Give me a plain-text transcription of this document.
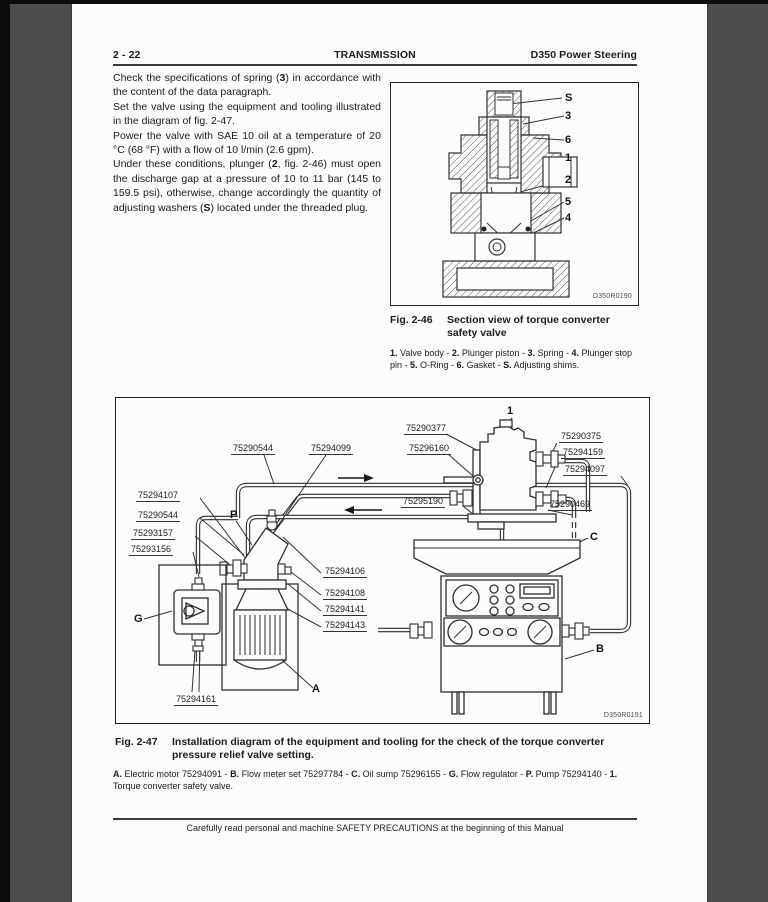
2 - 22	TRANSMISSION	D350 Power Steering

Check the specifications of spring (3) in accordance with the content of the data paragraph.

Set the valve using the equipment and tooling illustrated in the diagram of fig. 2-47.

Power the valve with SAE 10 oil at a temperature of 20 °C (68 °F) with a flow of 10 l/min (2.6 gpm).

Under these conditions, plunger (2, fig. 2-46) must open the discharge gap at a pressure of 10 to 11 bar (145 to 159.5 psi), otherwise, change accordingly the quantity of adjusting washers (S) located under the threaded plug.

S
3
6
1
2
5
4
D350R0190
Fig. 2-46	Section view of torque converter safety valve
1. Valve body - 2. Plunger piston - 3. Spring - 4. Plunger stop pin - 5. O-Ring - 6. Gasket - S. Adjusting shims.
75290544	75294099
75290377
75296160
1
75290375
75294159
75294097
75295190	75290469
C
75294107
75290544
75293157
75293156
P
75294106
75294108
75294141
75294143
G
75294161
A
B
D350R0191
Fig. 2-47	Installation diagram of the equipment and tooling for the check of the torque converter pressure relief valve setting.
A. Electric motor 75294091 - B. Flow meter set 75297784 - C. Oil sump 75296155 - G. Flow regulator - P. Pump 75294140 - 1. Torque converter safety valve.
Carefully read personal and machine SAFETY PRECAUTIONS at the beginning of this Manual
